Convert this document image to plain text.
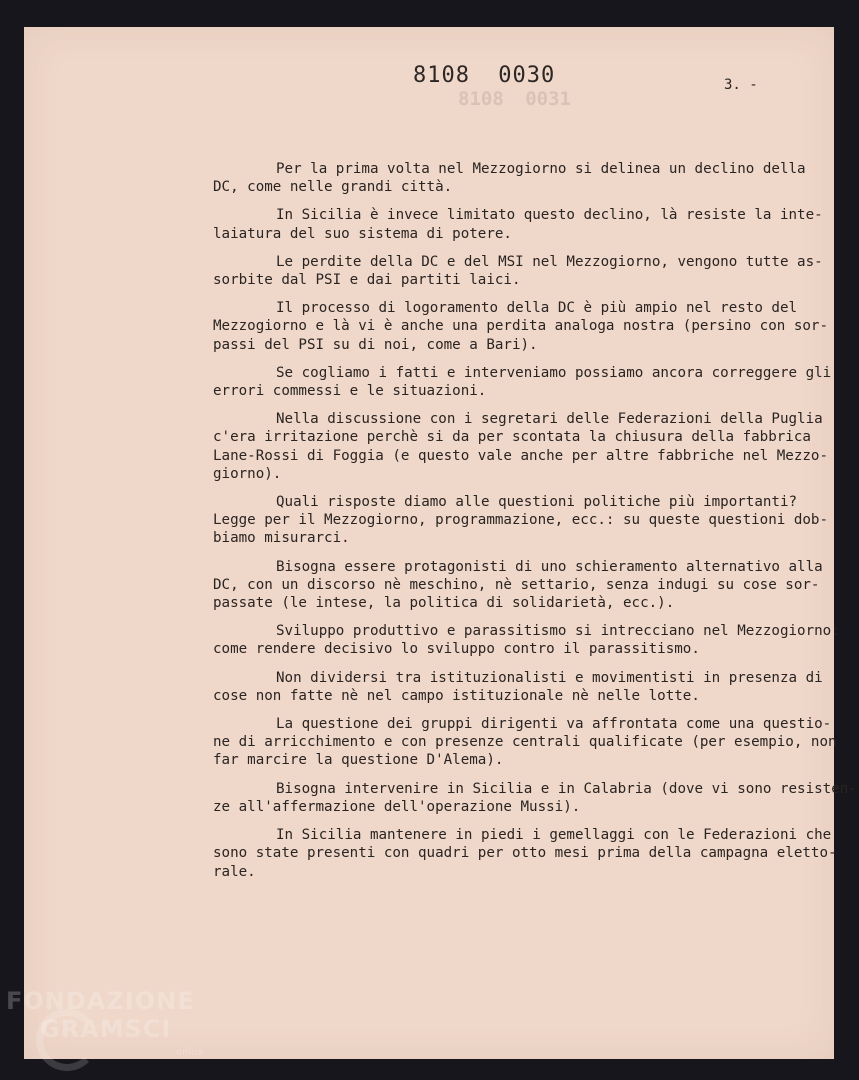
8108 0031
8108 0030	3. -
Per la prima volta nel Mezzogiorno si delinea un declino della
DC, come nelle grandi città.
In Sicilia è invece limitato questo declino, là resiste la inte-
laiatura del suo sistema di potere.
Le perdite della DC e del MSI nel Mezzogiorno, vengono tutte as-
sorbite dal PSI e dai partiti laici.
Il processo di logoramento della DC è più ampio nel resto del
Mezzogiorno e là vi è anche una perdita analoga nostra (persino con sor-
passi del PSI su di noi, come a Bari).
Se cogliamo i fatti e interveniamo possiamo ancora correggere gli
errori commessi e le situazioni.
Nella discussione con i segretari delle Federazioni della Puglia
c'era irritazione perchè si da per scontata la chiusura della fabbrica
Lane-Rossi di Foggia (e questo vale anche per altre fabbriche nel Mezzo-
giorno).
Quali risposte diamo alle questioni politiche più importanti?
Legge per il Mezzogiorno, programmazione, ecc.: su queste questioni dob-
biamo misurarci.
Bisogna essere protagonisti di uno schieramento alternativo alla
DC, con un discorso nè meschino, nè settario, senza indugi su cose sor-
passate (le intese, la politica di solidarietà, ecc.).
Sviluppo produttivo e parassitismo si intrecciano nel Mezzogiorno:
come rendere decisivo lo sviluppo contro il parassitismo.
Non dividersi tra istituzionalisti e movimentisti in presenza di
cose non fatte nè nel campo istituzionale nè nelle lotte.
La questione dei gruppi dirigenti va affrontata come una questio-
ne di arricchimento e con presenze centrali qualificate (per esempio, non
far marcire la questione D'Alema).
Bisogna intervenire in Sicilia e in Calabria (dove vi sono resisten-
ze all'affermazione dell'operazione Mussi).
In Sicilia mantenere in piedi i gemellaggi con le Federazioni che
sono state presenti con quadri per otto mesi prima della campagna eletto-
rale.
FONDAZIONE
GRAMSCI
onlus
